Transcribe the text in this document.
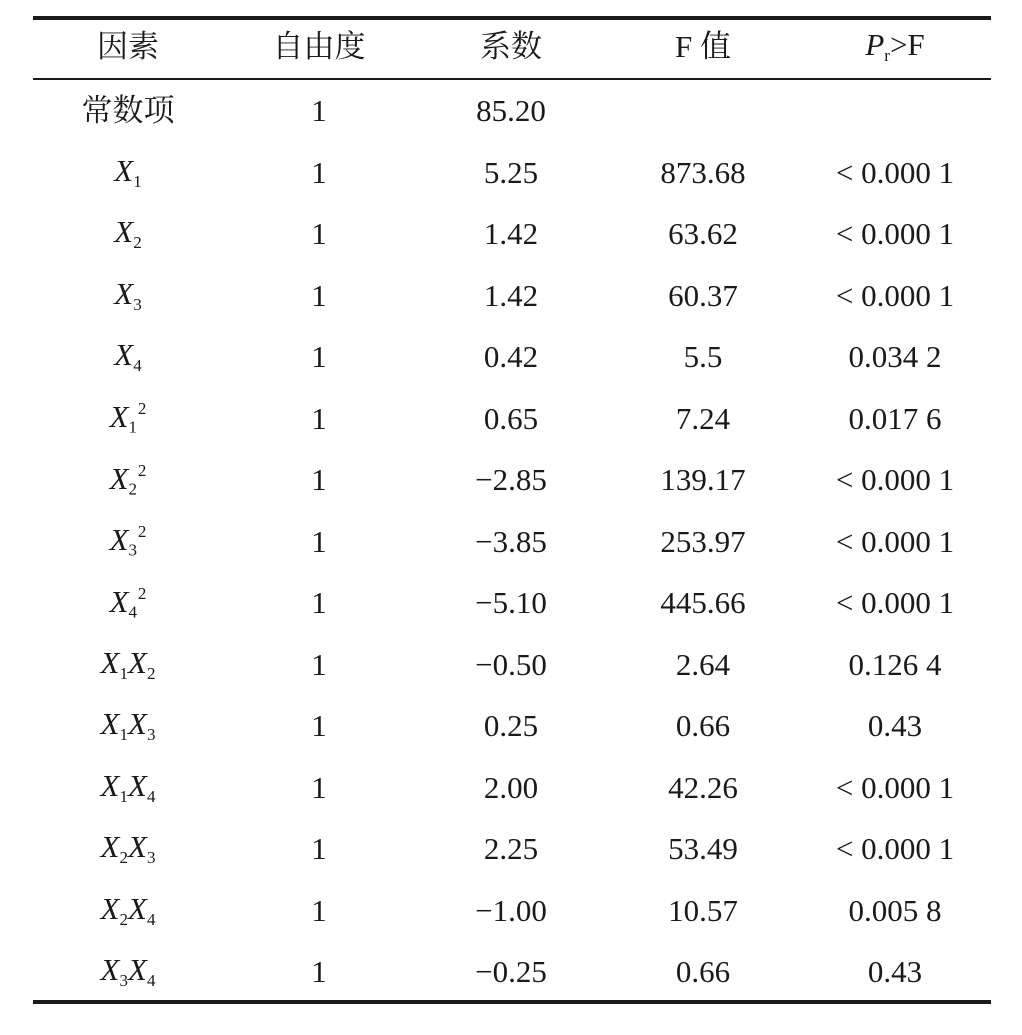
因素	自由度	系数	F 值	$P_r>F$
常数项	1	85.20
$X_1$	1	5.25	873.68	< 0.000 1
$X_2$	1	1.42	63.62	< 0.000 1
$X_3$	1	1.42	60.37	< 0.000 1
$X_4$	1	0.42	5.5	0.034 2
$X_1^2$	1	0.65	7.24	0.017 6
$X_2^2$	1	−2.85	139.17	< 0.000 1
$X_3^2$	1	−3.85	253.97	< 0.000 1
$X_4^2$	1	−5.10	445.66	< 0.000 1
$X_1X_2$	1	−0.50	2.64	0.126 4
$X_1X_3$	1	0.25	0.66	0.43
$X_1X_4$	1	2.00	42.26	< 0.000 1
$X_2X_3$	1	2.25	53.49	< 0.000 1
$X_2X_4$	1	−1.00	10.57	0.005 8
$X_3X_4$	1	−0.25	0.66	0.43
